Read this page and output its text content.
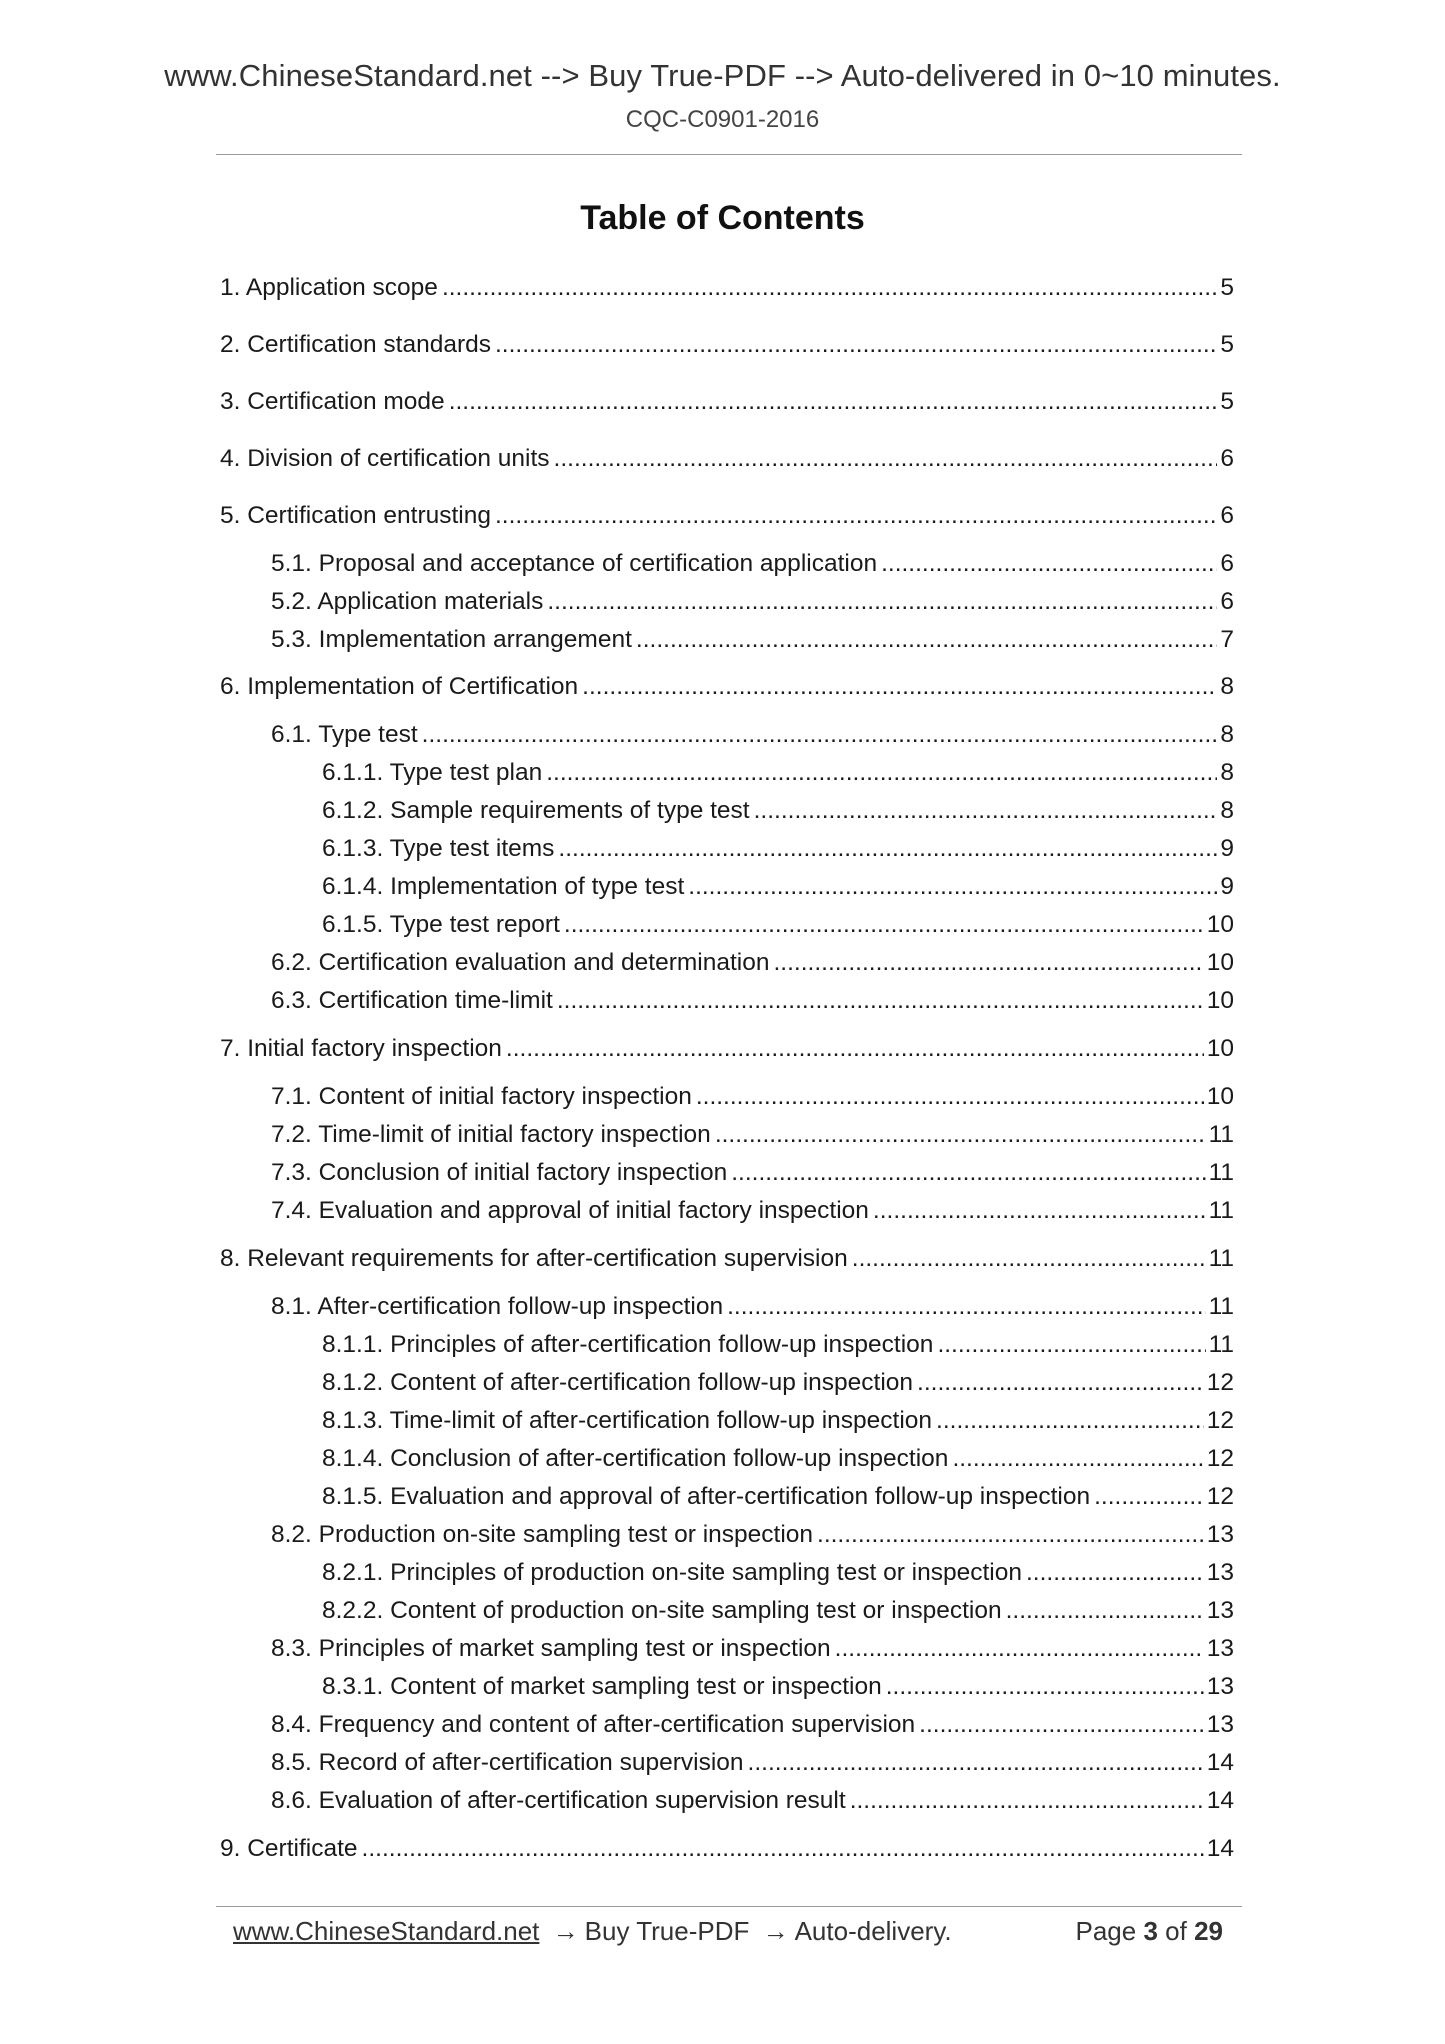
www.ChineseStandard.net --> Buy True-PDF --> Auto-delivered in 0~10 minutes.
CQC-C0901-2016
Table of Contents
1. Application scope .....	5
2. Certification standards .....	5
3. Certification mode .....	5
4. Division of certification units .....	6
5. Certification entrusting .....	6
5.1. Proposal and acceptance of certification application .....	6
5.2. Application materials .....	6
5.3. Implementation arrangement .....	7
6. Implementation of Certification .....	8
6.1. Type test .....	8
6.1.1. Type test plan .....	8
6.1.2. Sample requirements of type test .....	8
6.1.3. Type test items .....	9
6.1.4. Implementation of type test .....	9
6.1.5. Type test report .....	10
6.2. Certification evaluation and determination .....	10
6.3. Certification time-limit .....	10
7. Initial factory inspection .....	10
7.1. Content of initial factory inspection .....	10
7.2. Time-limit of initial factory inspection .....	11
7.3. Conclusion of initial factory inspection .....	11
7.4. Evaluation and approval of initial factory inspection .....	11
8. Relevant requirements for after-certification supervision .....	11
8.1. After-certification follow-up inspection .....	11
8.1.1. Principles of after-certification follow-up inspection .....	11
8.1.2. Content of after-certification follow-up inspection .....	12
8.1.3. Time-limit of after-certification follow-up inspection .....	12
8.1.4. Conclusion of after-certification follow-up inspection .....	12
8.1.5. Evaluation and approval of after-certification follow-up inspection .....	12
8.2. Production on-site sampling test or inspection .....	13
8.2.1. Principles of production on-site sampling test or inspection .....	13
8.2.2. Content of production on-site sampling test or inspection .....	13
8.3. Principles of market sampling test or inspection .....	13
8.3.1. Content of market sampling test or inspection .....	13
8.4. Frequency and content of after-certification supervision .....	13
8.5. Record of after-certification supervision .....	14
8.6. Evaluation of after-certification supervision result .....	14
9. Certificate .....	14
www.ChineseStandard.net → Buy True-PDF → Auto-delivery.	Page 3 of 29
